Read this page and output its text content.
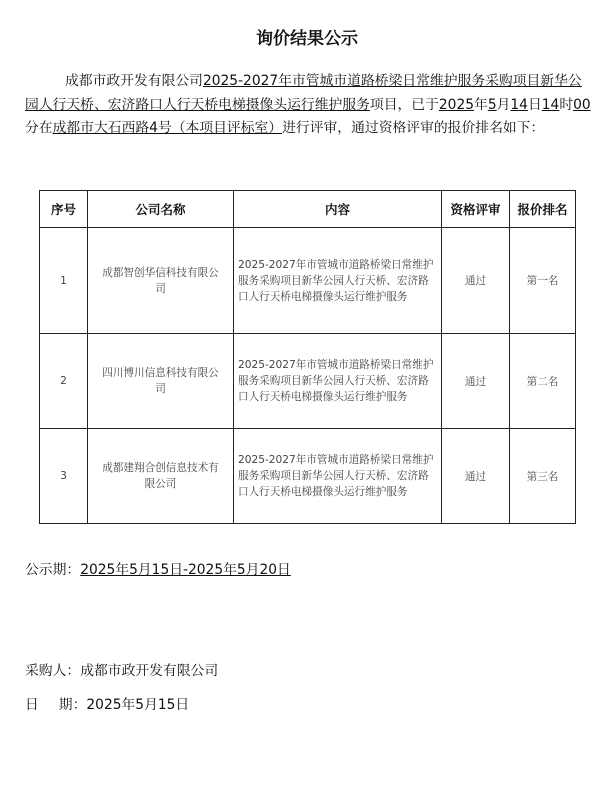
询价结果公示
成都市政开发有限公司2025-2027年市管城市道路桥梁日常维护服务采购项目新华公园人行天桥、宏济路口人行天桥电梯摄像头运行维护服务项目，已于2025年5月14日14时00分在成都市大石西路4号（本项目评标室）进行评审，通过资格评审的报价排名如下：
序号	公司名称	内容	资格评审	报价排名
1	成都智创华信科技有限公司	2025-2027年市管城市道路桥梁日常维护服务采购项目新华公园人行天桥、宏济路口人行天桥电梯摄像头运行维护服务	通过	第一名
2	四川博川信息科技有限公司	2025-2027年市管城市道路桥梁日常维护服务采购项目新华公园人行天桥、宏济路口人行天桥电梯摄像头运行维护服务	通过	第二名
3	成都建翔合创信息技术有限公司	2025-2027年市管城市道路桥梁日常维护服务采购项目新华公园人行天桥、宏济路口人行天桥电梯摄像头运行维护服务	通过	第三名
公示期：2025年5月15日-2025年5月20日
采购人：成都市政开发有限公司
日 期：2025年5月15日
